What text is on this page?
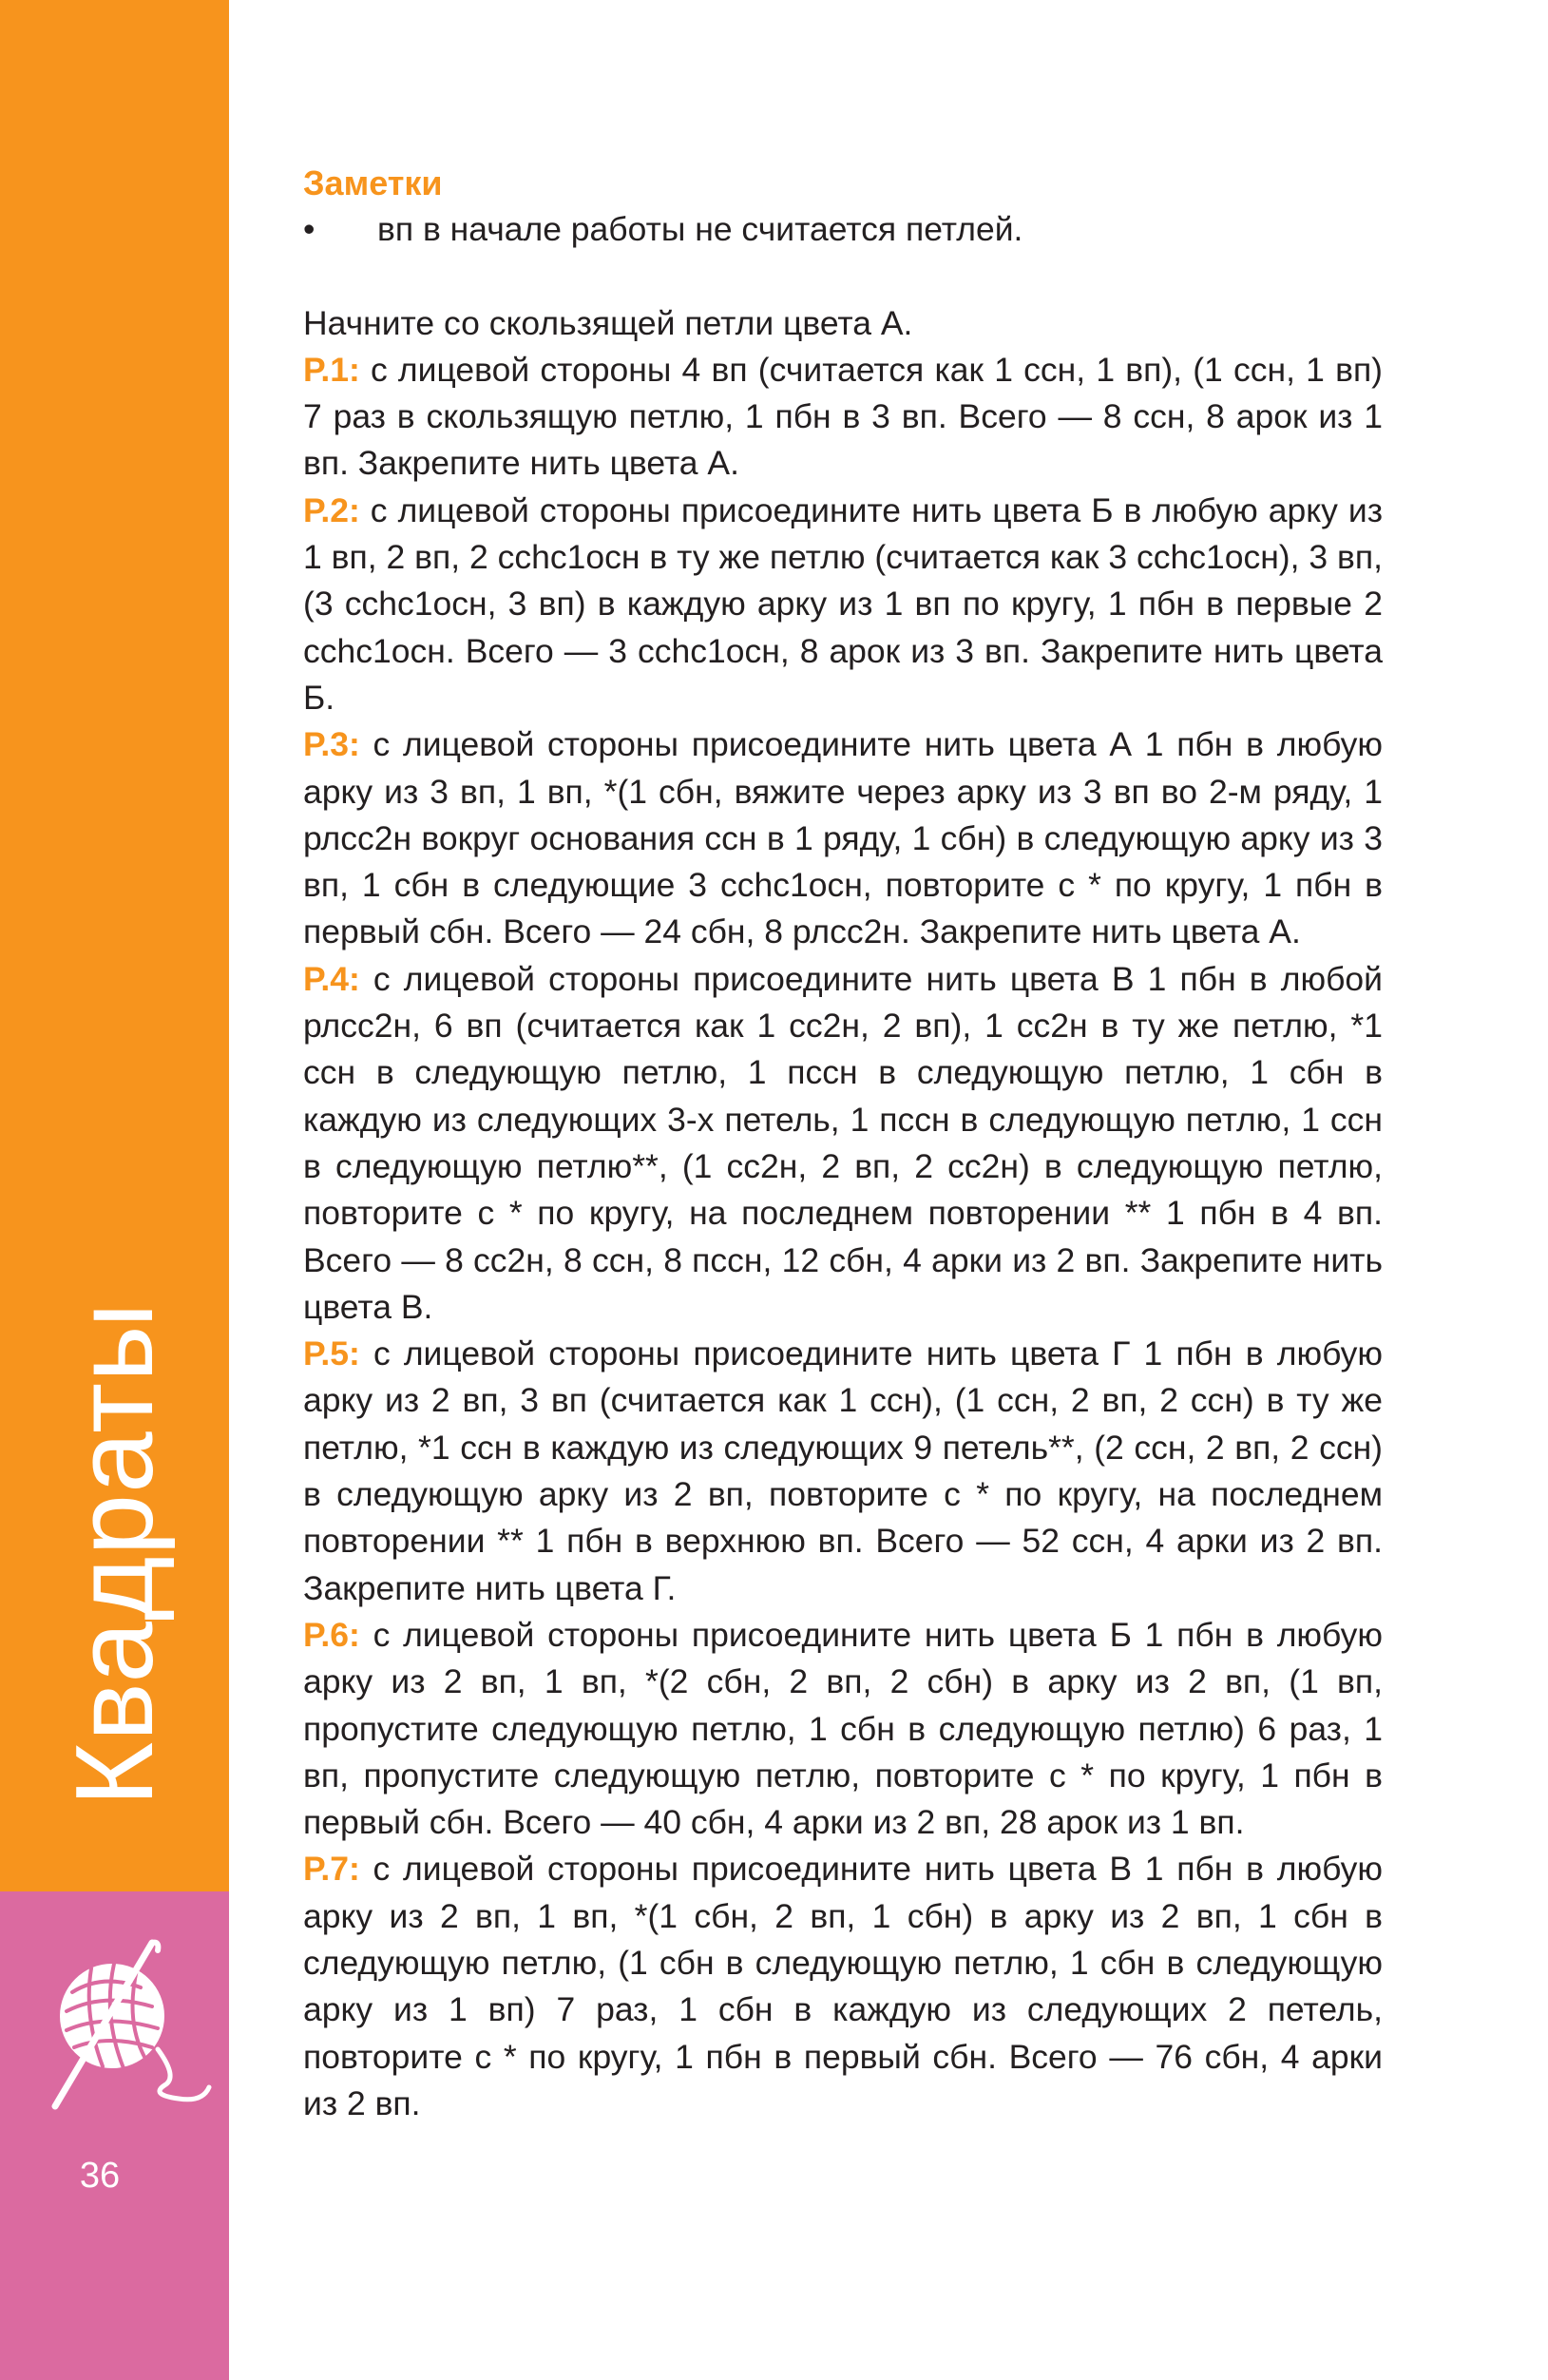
Квадраты
36
Заметки
•	вп в начале работы не считается петлей.
Начните со скользящей петли цвета А.
Р.1: с лицевой стороны 4 вп (считается как 1 ссн, 1 вп), (1 ссн, 1 вп) 7 раз в скользящую петлю, 1 пбн в 3 вп. Всего — 8 ссн, 8 арок из 1 вп. Закрепите нить цвета А.
Р.2: с лицевой стороны присоедините нить цвета Б в любую арку из 1 вп, 2 вп, 2 ссhc1осн в ту же петлю (считается как 3 ссhc1осн), 3 вп, (3 ссhc1осн, 3 вп) в каждую арку из 1 вп по кругу, 1 пбн в первые 2 ссhc1осн. Всего — 3 ссhc1осн, 8 арок из 3 вп. Закрепите нить цвета Б.
Р.3: с лицевой стороны присоедините нить цвета А 1 пбн в любую арку из 3 вп, 1 вп, *(1 сбн, вяжите через арку из 3 вп во 2-м ряду, 1 рлсс2н вокруг основания ссн в 1 ряду, 1 сбн) в следующую арку из 3 вп, 1 сбн в следующие 3 ссhc1осн, повторите с * по кругу, 1 пбн в первый сбн. Всего — 24 сбн, 8 рлсс2н. Закрепите нить цвета А.
Р.4: с лицевой стороны присоедините нить цвета В 1 пбн в любой рлсс2н, 6 вп (считается как 1 сс2н, 2 вп), 1 сс2н в ту же петлю, *1 ссн в следующую петлю, 1 пссн в следующую петлю, 1 сбн в каждую из следующих 3-х петель, 1 пссн в следующую петлю, 1 ссн в следующую петлю**, (1 сс2н, 2 вп, 2 сс2н) в следующую петлю, повторите с * по кругу, на последнем повторении ** 1 пбн в 4 вп. Всего — 8 сс2н, 8 ссн, 8 пссн, 12 сбн, 4 арки из 2 вп. Закрепите нить цвета В.
Р.5: с лицевой стороны присоедините нить цвета Г 1 пбн в любую арку из 2 вп, 3 вп (считается как 1 ссн), (1 ссн, 2 вп, 2 ссн) в ту же петлю, *1 ссн в каждую из следующих 9 петель**, (2 ссн, 2 вп, 2 ссн) в следующую арку из 2 вп, повторите с * по кругу, на последнем повторении ** 1 пбн в верхнюю вп. Всего — 52 ссн, 4 арки из 2 вп. Закрепите нить цвета Г.
Р.6: с лицевой стороны присоедините нить цвета Б 1 пбн в любую арку из 2 вп, 1 вп, *(2 сбн, 2 вп, 2 сбн) в арку из 2 вп, (1 вп, пропустите следующую петлю, 1 сбн в следующую петлю) 6 раз, 1 вп, пропустите следующую петлю, повторите с * по кругу, 1 пбн в первый сбн. Всего — 40 сбн, 4 арки из 2 вп, 28 арок из 1 вп.
Р.7: с лицевой стороны присоедините нить цвета В 1 пбн в любую арку из 2 вп, 1 вп, *(1 сбн, 2 вп, 1 сбн) в арку из 2 вп, 1 сбн в следующую петлю, (1 сбн в следующую петлю, 1 сбн в следующую арку из 1 вп) 7 раз, 1 сбн в каждую из следующих 2 петель, повторите с * по кругу, 1 пбн в первый сбн. Всего — 76 сбн, 4 арки из 2 вп.
